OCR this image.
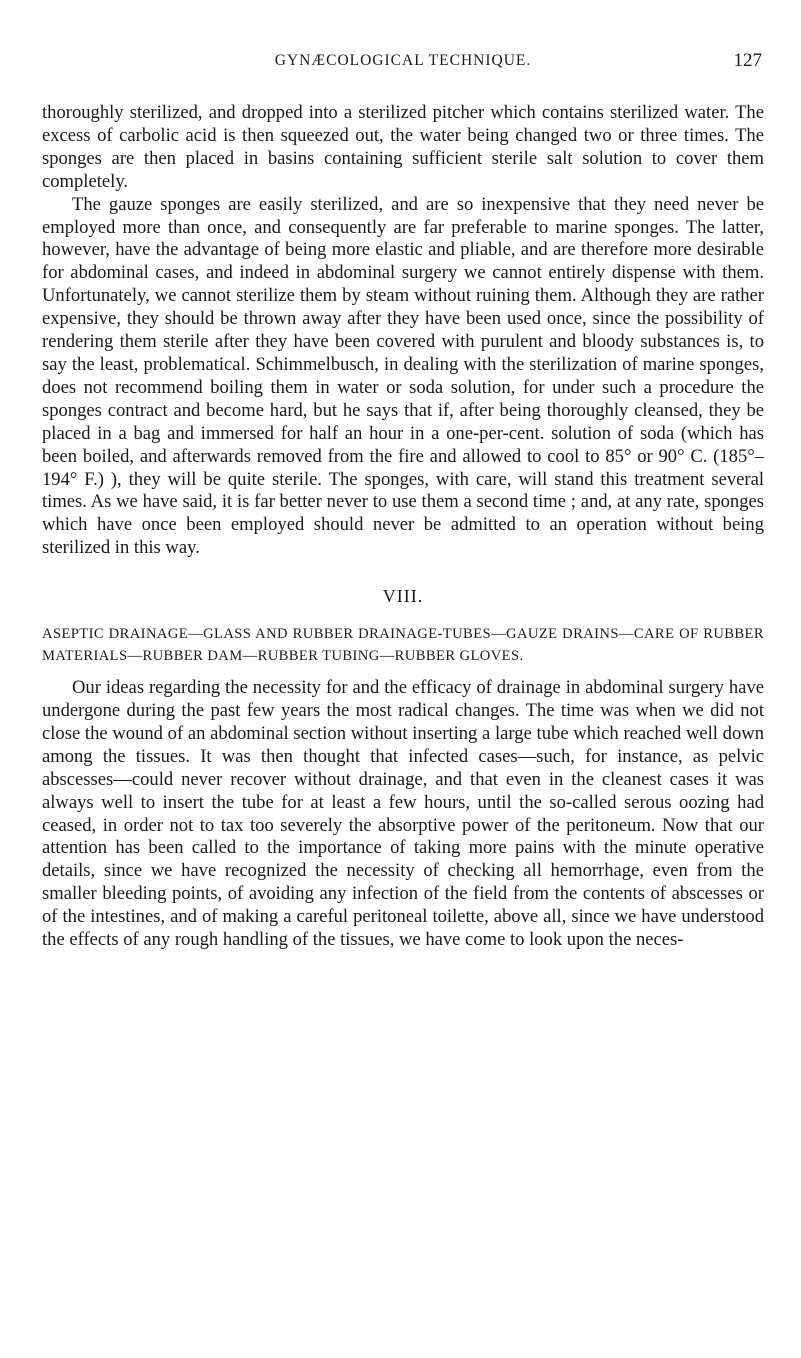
GYNÆCOLOGICAL TECHNIQUE.	127

thoroughly sterilized, and dropped into a sterilized pitcher which contains sterilized water. The excess of carbolic acid is then squeezed out, the water being changed two or three times. The sponges are then placed in basins containing sufficient sterile salt solution to cover them completely.

The gauze sponges are easily sterilized, and are so inexpensive that they need never be employed more than once, and consequently are far preferable to marine sponges. The latter, however, have the advantage of being more elastic and pliable, and are therefore more desirable for abdominal cases, and indeed in abdominal surgery we cannot entirely dispense with them. Unfortunately, we cannot sterilize them by steam without ruining them. Although they are rather expensive, they should be thrown away after they have been used once, since the possibility of rendering them sterile after they have been covered with purulent and bloody substances is, to say the least, problematical. Schimmelbusch, in dealing with the sterilization of marine sponges, does not recommend boiling them in water or soda solution, for under such a procedure the sponges contract and become hard, but he says that if, after being thoroughly cleansed, they be placed in a bag and immersed for half an hour in a one-per-cent. solution of soda (which has been boiled, and afterwards removed from the fire and allowed to cool to 85° or 90° C. (185°–194° F.) ), they will be quite sterile. The sponges, with care, will stand this treatment several times. As we have said, it is far better never to use them a second time ; and, at any rate, sponges which have once been employed should never be admitted to an operation without being sterilized in this way.

VIII.
ASEPTIC DRAINAGE—GLASS AND RUBBER DRAINAGE-TUBES—GAUZE DRAINS—CARE OF RUBBER MATERIALS—RUBBER DAM—RUBBER TUBING—RUBBER GLOVES.

Our ideas regarding the necessity for and the efficacy of drainage in abdominal surgery have undergone during the past few years the most radical changes. The time was when we did not close the wound of an abdominal section without inserting a large tube which reached well down among the tissues. It was then thought that infected cases—such, for instance, as pelvic abscesses—could never recover without drainage, and that even in the cleanest cases it was always well to insert the tube for at least a few hours, until the so-called serous oozing had ceased, in order not to tax too severely the absorptive power of the peritoneum. Now that our attention has been called to the importance of taking more pains with the minute operative details, since we have recognized the necessity of checking all hemorrhage, even from the smaller bleeding points, of avoiding any infection of the field from the contents of abscesses or of the intestines, and of making a careful peritoneal toilette, above all, since we have understood the effects of any rough handling of the tissues, we have come to look upon the neces-
